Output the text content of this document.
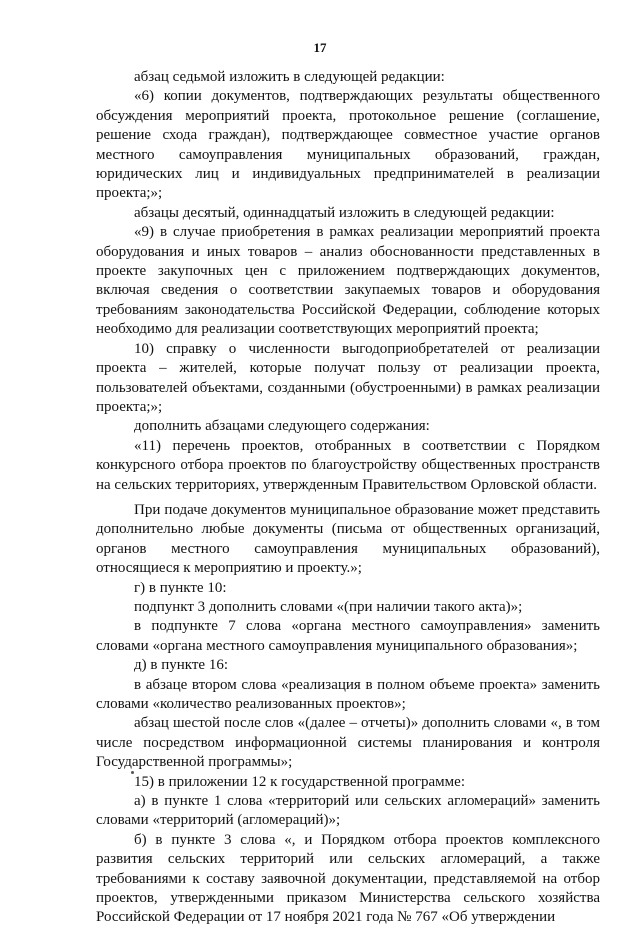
17

абзац седьмой изложить в следующей редакции:

«6) копии документов, подтверждающих результаты общественного обсуждения мероприятий проекта, протокольное решение (соглашение, решение схода граждан), подтверждающее совместное участие органов местного самоуправления муниципальных образований, граждан, юридических лиц и индивидуальных предпринимателей в реализации проекта;»;

абзацы десятый, одиннадцатый изложить в следующей редакции:

«9) в случае приобретения в рамках реализации мероприятий проекта оборудования и иных товаров – анализ обоснованности представленных в проекте закупочных цен с приложением подтверждающих документов, включая сведения о соответствии закупаемых товаров и оборудования требованиям законодательства Российской Федерации, соблюдение которых необходимо для реализации соответствующих мероприятий проекта;

10) справку о численности выгодоприобретателей от реализации проекта – жителей, которые получат пользу от реализации проекта, пользователей объектами, созданными (обустроенными) в рамках реализации проекта;»;

дополнить абзацами следующего содержания:

«11) перечень проектов, отобранных в соответствии с Порядком конкурсного отбора проектов по благоустройству общественных пространств на сельских территориях, утвержденным Правительством Орловской области.

При подаче документов муниципальное образование может представить дополнительно любые документы (письма от общественных организаций, органов местного самоуправления муниципальных образований), относящиеся к мероприятию и проекту.»;

г) в пункте 10:

подпункт 3 дополнить словами «(при наличии такого акта)»;

в подпункте 7 слова «органа местного самоуправления» заменить словами «органа местного самоуправления муниципального образования»;

д) в пункте 16:

в абзаце втором слова «реализация в полном объеме проекта» заменить словами «количество реализованных проектов»;

абзац шестой после слов «(далее – отчеты)» дополнить словами «, в том числе посредством информационной системы планирования и контроля Государственной программы»;

15) в приложении 12 к государственной программе:

а) в пункте 1 слова «территорий или сельских агломераций» заменить словами «территорий (агломераций)»;

б) в пункте 3 слова «, и Порядком отбора проектов комплексного развития сельских территорий или сельских агломераций, а также требованиями к составу заявочной документации, представляемой на отбор проектов, утвержденными приказом Министерства сельского хозяйства Российской Федерации от 17 ноября 2021 года № 767 «Об утверждении
